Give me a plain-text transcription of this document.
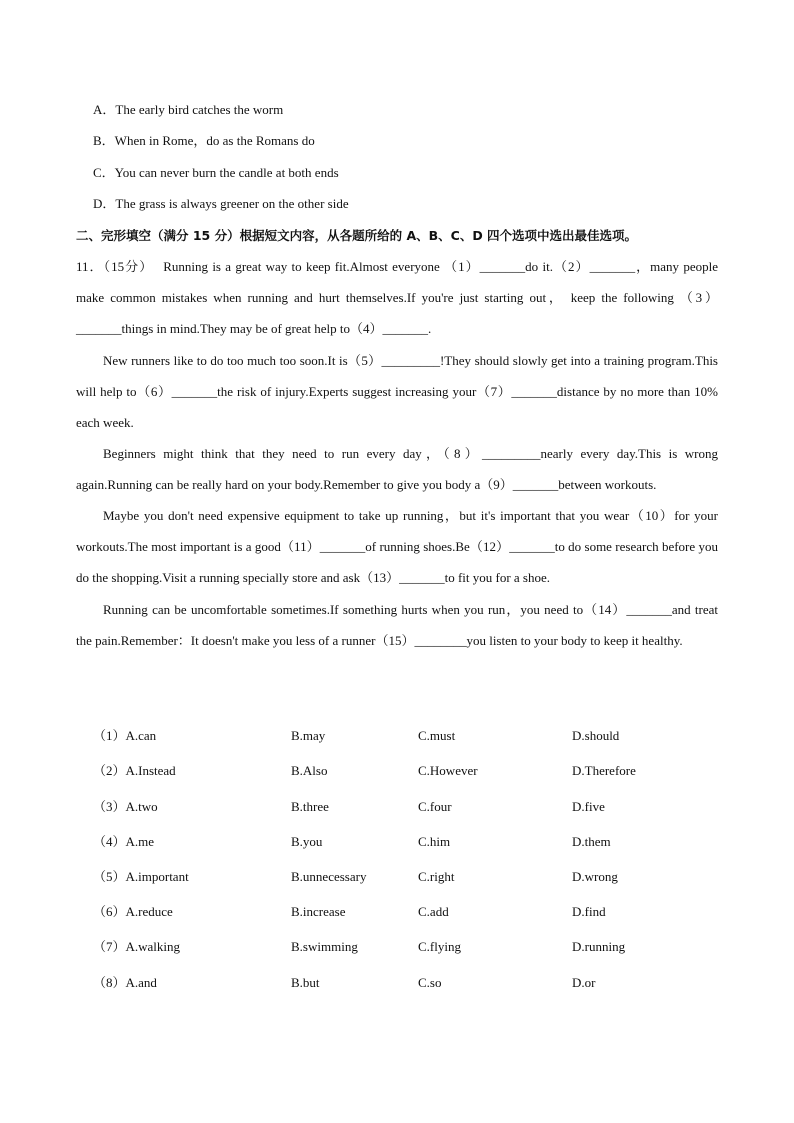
A．The early bird catches the worm
B．When in Rome，do as the Romans do
C．You can never burn the candle at both ends
D．The grass is always greener on the other side
二、完形填空（满分 15 分）根据短文内容，从各题所给的 A、B、C、D 四个选项中选出最佳选项。
11．（15分） Running is a great way to keep fit.Almost everyone （1）_______do it.（2）_______，many people make common mistakes when running and hurt themselves.If you're just starting out， keep the following （3）_______things in mind.They may be of great help to（4）_______.
New runners like to do too much too soon.It is（5）_________!They should slowly get into a training program.This will help to（6）_______the risk of injury.Experts suggest increasing your（7）_______distance by no more than 10% each week.
Beginners might think that they need to run every day，（8）_________nearly every day.This is wrong again.Running can be really hard on your body.Remember to give you body a（9）_______between workouts.
Maybe you don't need expensive equipment to take up running，but it's important that you wear（10）for your workouts.The most important is a good（11）_______of running shoes.Be（12）_______to do some research before you do the shopping.Visit a running specially store and ask（13）_______to fit you for a shoe.
Running can be uncomfortable sometimes.If something hurts when you run，you need to（14）_______and treat the pain.Remember：It doesn't make you less of a runner（15）________you listen to your body to keep it healthy.
（1）A.can	B.may	C.must	D.should
（2）A.Instead	B.Also	C.However	D.Therefore
（3）A.two	B.three	C.four	D.five
（4）A.me	B.you	C.him	D.them
（5）A.important	B.unnecessary	C.right	D.wrong
（6）A.reduce	B.increase	C.add	D.find
（7）A.walking	B.swimming	C.flying	D.running
（8）A.and	B.but	C.so	D.or
